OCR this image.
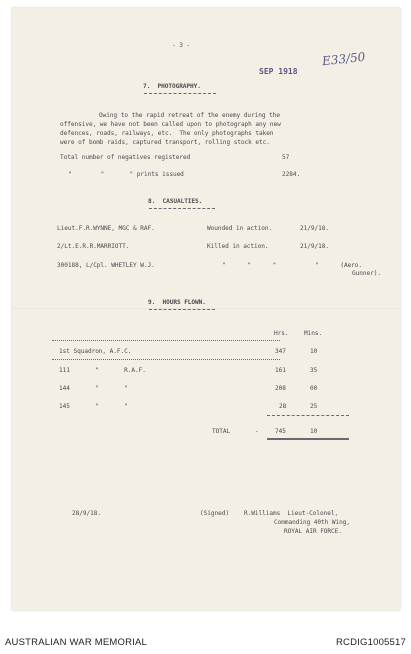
- 3 -
SEP 1918
E33/50
7.  PHOTOGRAPHY.
Owing to the rapid retreat of the enemy during the
offensive, we have not been called upon to photograph any new
defences, roads, railways, etc.  The only photographs taken
were of bomb raids, captured transport, rolling stock etc.
Total number of negatives registered	57
"        "       " prints issued	2284.
8.  CASUALTIES.
Lieut.F.R.WYNNE, MGC & RAF.	Wounded in action.	21/9/18.
2/Lt.E.R.R.MARRIOTT.	Killed in action.	21/9/18.
300188, L/Cpl. WHETLEY W.J.	"      "      "	"      (Aero.
Gunner).
9.  HOURS FLOWN.
Hrs.	Mins.
1st Squadron, A.F.C.	347	10
111       "       R.A.F.	161	35
144       "       "	208	00
145       "       "	28	25
TOTAL	-	745	10
28/9/18.	(Signed) R.Williams  Lieut-Colonel,
Commanding 40th Wing,
ROYAL AIR FORCE.
AUSTRALIAN WAR MEMORIAL	RCDIG1005517
